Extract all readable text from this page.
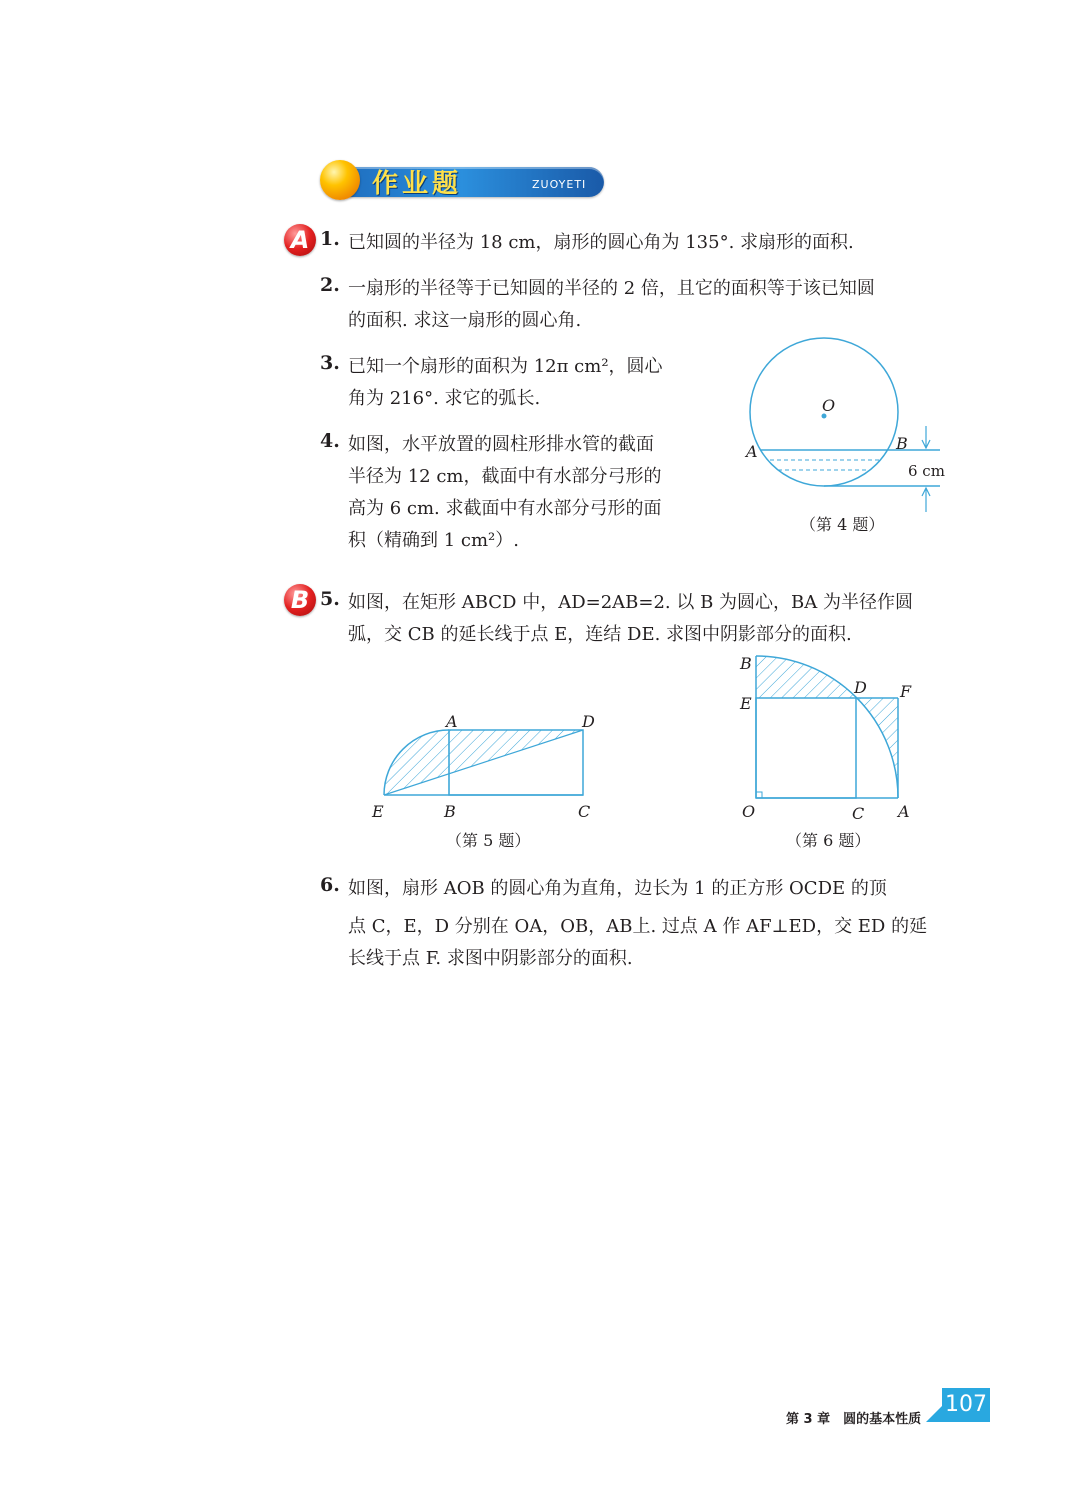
作业题	ZUOYETI
A 1. 已知圆的半径为 18 cm，扇形的圆心角为 135°. 求扇形的面积.
2. 一扇形的半径等于已知圆的半径的 2 倍，且它的面积等于该已知圆
的面积. 求这一扇形的圆心角.
3. 已知一个扇形的面积为 12π cm²，圆心
角为 216°. 求它的弧长.
4. 如图，水平放置的圆柱形排水管的截面
半径为 12 cm，截面中有水部分弓形的
高为 6 cm. 求截面中有水部分弓形的面
积（精确到 1 cm²）.
O
A	B
6 cm
（第 4 题）
B 5. 如图，在矩形 ABCD 中，AD=2AB=2. 以 B 为圆心，BA 为半径作圆
弧，交 CB 的延长线于点 E，连结 DE. 求图中阴影部分的面积.
A	D
E	B	C
（第 5 题）
B
D F
E
O	C A
（第 6 题）
6. 如图，扇形 AOB 的圆心角为直角，边长为 1 的正方形 OCDE 的顶
点 C，E，D 分别在 OA，OB，AB上. 过点 A 作 AF⊥ED，交 ED 的延
长线于点 F. 求图中阴影部分的面积.
第 3 章　圆的基本性质
107
